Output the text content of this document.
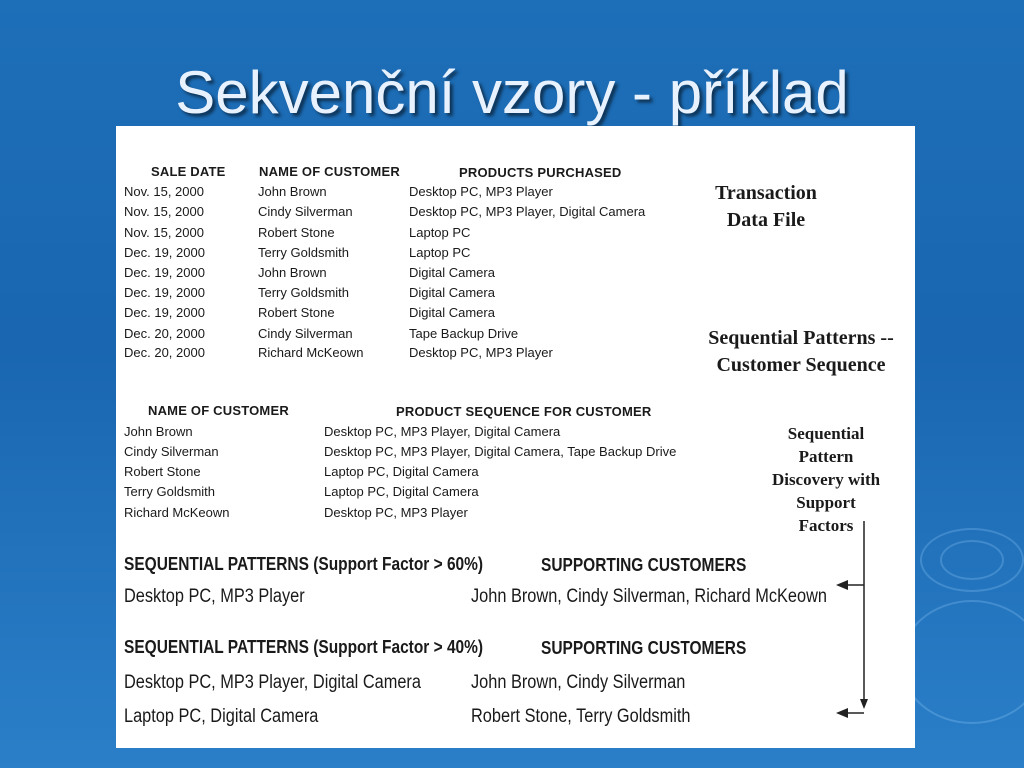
Sekvenční vzory - příklad
SALE DATE	NAME OF CUSTOMER	PRODUCTS PURCHASED
Nov. 15, 2000	John Brown	Desktop PC, MP3 Player
Nov. 15, 2000	Cindy Silverman	Desktop PC, MP3 Player, Digital Camera
Nov. 15, 2000	Robert Stone	Laptop PC
Dec. 19, 2000	Terry Goldsmith	Laptop PC
Dec. 19, 2000	John Brown	Digital Camera
Dec. 19, 2000	Terry Goldsmith	Digital Camera
Dec. 19, 2000	Robert Stone	Digital Camera
Dec. 20, 2000	Cindy Silverman	Tape Backup Drive
Dec. 20, 2000	Richard McKeown	Desktop PC, MP3 Player
Transaction
Data File
Sequential Patterns --
Customer Sequence
NAME OF CUSTOMER	PRODUCT SEQUENCE FOR CUSTOMER
John Brown	Desktop PC, MP3 Player, Digital Camera
Cindy Silverman	Desktop PC, MP3 Player, Digital Camera, Tape Backup Drive
Robert Stone	Laptop PC, Digital Camera
Terry Goldsmith	Laptop PC, Digital Camera
Richard McKeown	Desktop PC, MP3 Player
Sequential
Pattern
Discovery with
Support
Factors
SEQUENTIAL PATTERNS (Support Factor > 60%)	SUPPORTING CUSTOMERS
Desktop PC, MP3 Player	John Brown, Cindy Silverman, Richard McKeown
SEQUENTIAL PATTERNS (Support Factor > 40%)	SUPPORTING CUSTOMERS
Desktop PC, MP3 Player, Digital Camera	John Brown, Cindy Silverman
Laptop PC, Digital Camera	Robert Stone, Terry Goldsmith
